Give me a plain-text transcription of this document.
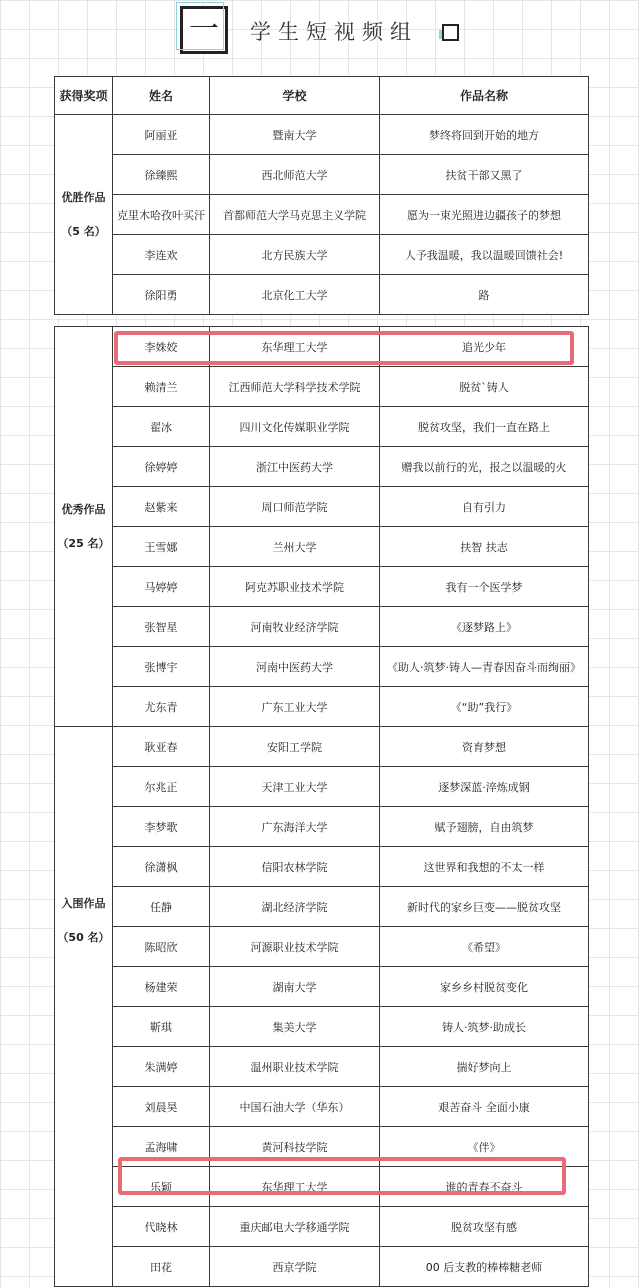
一	学生短视频组
获得奖项	姓名	学校	作品名称

优胜作品
（5 名）	阿丽亚	暨南大学	梦终将回到开始的地方
	徐臻熙	西北师范大学	扶贫干部又黑了
	克里木哈孜叶买汗	首都师范大学马克思主义学院	愿为一束光照进边疆孩子的梦想
	李连欢	北方民族大学	人予我温暖，我以温暖回馈社会!
	徐阳勇	北京化工大学	路
优秀作品
（25 名）	李姝姣	东华理工大学	追光少年
	赖清兰	江西师范大学科学技术学院	脱贫`铸人
	翟冰	四川文化传媒职业学院	脱贫攻坚，我们一直在路上
	徐婷婷	浙江中医药大学	赠我以前行的光，报之以温暖的火
	赵紫来	周口师范学院	自有引力
	王雪娜	兰州大学	扶智 扶志
	马婷婷	阿克苏职业技术学院	我有一个医学梦
	张智星	河南牧业经济学院	《逐梦路上》
	张博宇	河南中医药大学	《助人·筑梦·铸人—青春因奋斗而绚丽》
	尤东青	广东工业大学	《“助”我行》

入围作品
（50 名）	耿亚春	安阳工学院	资育梦想
	尔兆正	天津工业大学	逐梦深蓝·淬炼成钢
	李梦歌	广东海洋大学	赋予翅膀，自由筑梦
	徐潇枫	信阳农林学院	这世界和我想的不太一样
	任静	湖北经济学院	新时代的家乡巨变——脱贫攻坚
	陈昭欣	河源职业技术学院	《希望》
	杨建荣	湖南大学	家乡乡村脱贫变化
	靳琪	集美大学	铸人·筑梦·助成长
	朱满婷	温州职业技术学院	揣好梦向上
	刘晨昊	中国石油大学（华东）	艰苦奋斗 全面小康
	孟海啸	黄河科技学院	《伴》
	乐颖	东华理工大学	谁的青春不奋斗
	代晓林	重庆邮电大学移通学院	脱贫攻坚有感
	田花	西京学院	00 后支教的棒棒糖老师
